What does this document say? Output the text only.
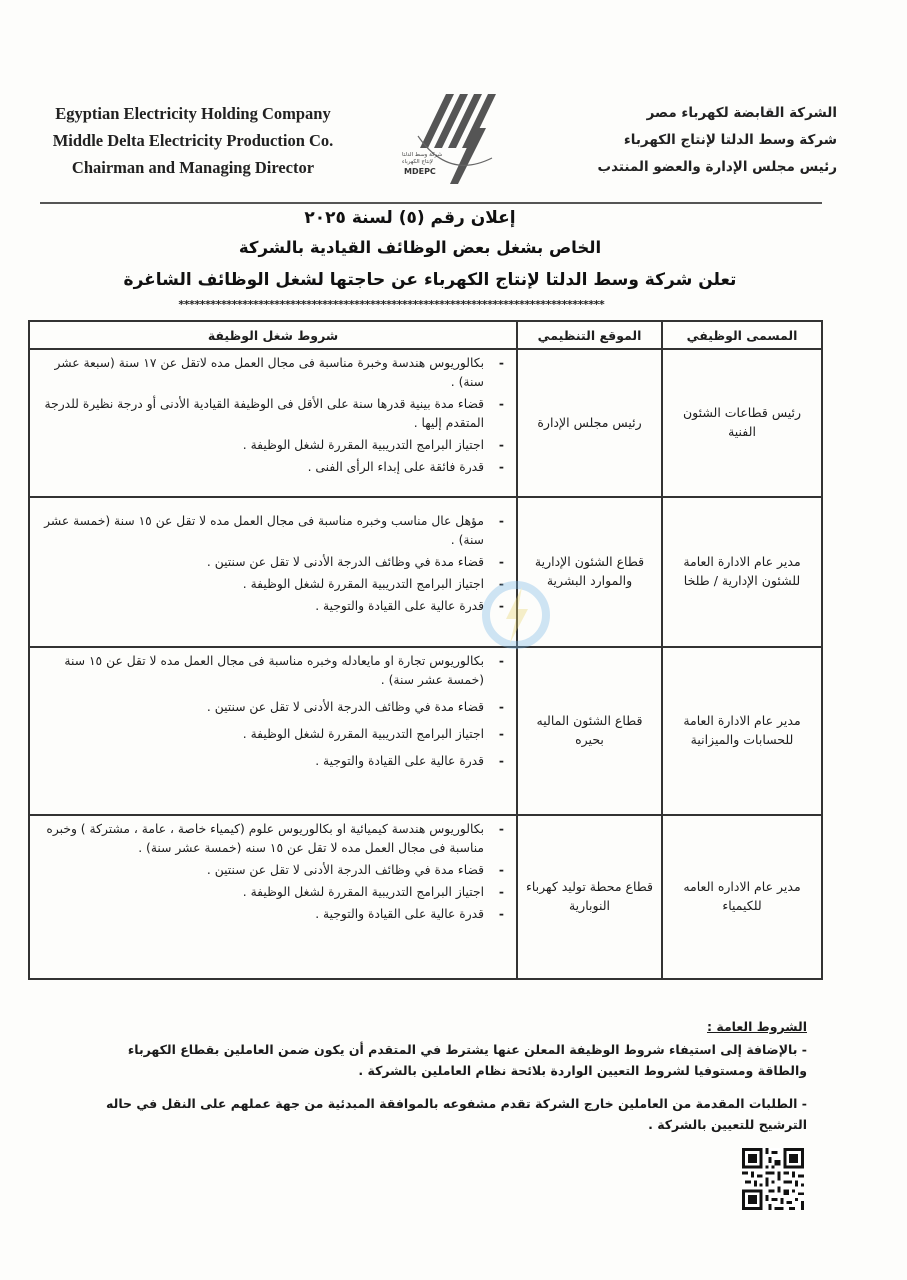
Egyptian Electricity Holding Company
Middle Delta Electricity Production Co.
Chairman and Managing Director
شركة وسط الدلتا
لإنتاج الكهرباء
MDEPC
الشركة القابضة لكهرباء مصر
شركة وسط الدلتا لإنتاج الكهرباء
رئيس مجلس الإدارة والعضو المنتدب
إعلان رقم (٥) لسنة ٢٠٢٥
الخاص بشغل بعض الوظائف القيادية بالشركة
تعلن شركة وسط الدلتا لإنتاج الكهرباء عن حاجتها لشغل الوظائف الشاغرة
********************************************************************************
المسمى الوظيفي
الموقع التنظيمي
شروط شغل الوظيفة
رئيس قطاعات الشئون الفنية
رئيس مجلس الإدارة
- بكالوريوس هندسة وخبرة مناسبة فى مجال العمل مده لاتقل عن ١٧ سنة (سبعة عشر سنة) .
- قضاء مدة بينية قدرها سنة على الأقل فى الوظيفة القيادية الأدنى أو درجة نظيرة للدرجة المتقدم إليها .
- اجتياز البرامج التدريبية المقررة لشغل الوظيفة .
- قدرة فائقة على إبداء الرأى الفنى .
مدير عام الادارة العامة للشئون الإدارية / طلخا
قطاع الشئون الإدارية والموارد البشرية
- مؤهل عال مناسب وخبره مناسبة فى مجال العمل مده لا تقل عن ١٥ سنة (خمسة عشر سنة) .
- قضاء مدة في وظائف الدرجة الأدنى لا تقل عن سنتين .
- اجتياز البرامج التدريبية المقررة لشغل الوظيفة .
- قدرة عالية على القيادة والتوجية .
مدير عام الادارة العامة للحسابات والميزانية
قطاع الشئون الماليه بحيره
- بكالوريوس تجارة او مايعادله وخبره مناسبة فى مجال العمل مده لا تقل عن ١٥ سنة (خمسة عشر سنة) .
- قضاء مدة في وظائف الدرجة الأدنى لا تقل عن سنتين .
- اجتياز البرامج التدريبية المقررة لشغل الوظيفة .
- قدرة عالية على القيادة والتوجية .
مدير عام الاداره العامه للكيمياء
قطاع محطة توليد كهرباء النوبارية
- بكالوريوس هندسة كيميائية او بكالوريوس علوم (كيمياء خاصة ، عامة ، مشتركة ) وخبره مناسبة فى مجال العمل مده لا تقل عن ١٥ سنه (خمسة عشر سنة) .
- قضاء مدة في وظائف الدرجة الأدنى لا تقل عن سنتين .
- اجتياز البرامج التدريبية المقررة لشغل الوظيفة .
- قدرة عالية على القيادة والتوجية .
الشروط العامة :

- بالإضافة إلى استيفاء شروط الوظيفة المعلن عنها يشترط في المتقدم أن يكون ضمن العاملين بقطاع الكهرباء والطاقة ومستوفيا لشروط التعيين الواردة بلائحة نظام العاملين بالشركة .

- الطلبات المقدمة من العاملين خارج الشركة تقدم مشفوعه بالموافقة المبدئية من جهة عملهم على النقل في حاله الترشيح للتعيين بالشركة .
